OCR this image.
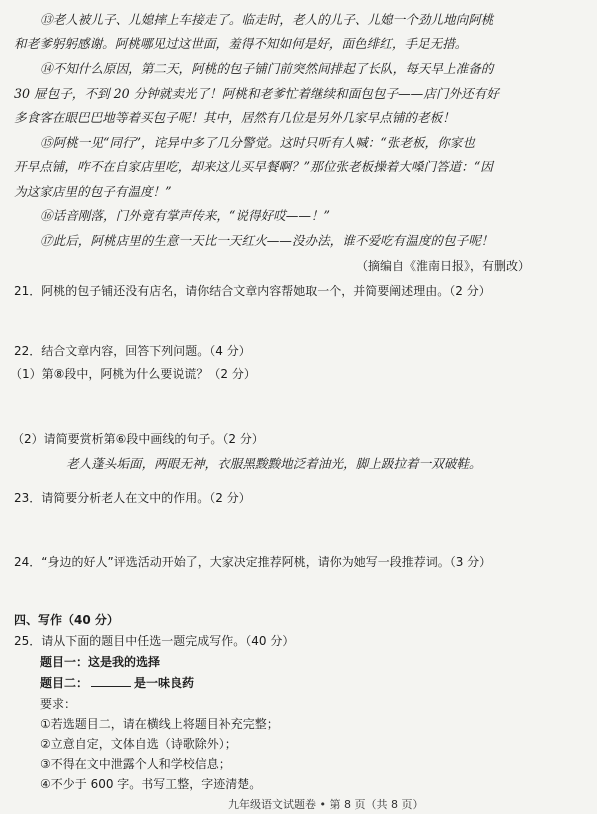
⑬老人被儿子、儿媳摔上车接走了。临走时，老人的儿子、儿媳一个劲儿地向阿桃
和老爹躬躬感谢。阿桃哪见过这世面，羞得不知如何是好，面色绯红，手足无措。
⑭不知什么原因，第二天，阿桃的包子铺门前突然间排起了长队，每天早上准备的
30 屉包子，不到 20 分钟就卖光了！阿桃和老爹忙着继续和面包包子——店门外还有好
多食客在眼巴巴地等着买包子呢！其中，居然有几位是另外几家早点铺的老板！
⑮阿桃一见“同行”，诧异中多了几分警觉。这时只听有人喊：“张老板，你家也
开早点铺，咋不在自家店里吃，却来这儿买早餐啊？”那位张老板操着大嗓门答道：“因
为这家店里的包子有温度！”
⑯话音刚落，门外竟有掌声传来，“说得好哎——！”
⑰此后，阿桃店里的生意一天比一天红火——没办法，谁不爱吃有温度的包子呢！
（摘编自《淮南日报》，有删改）
21．阿桃的包子铺还没有店名，请你结合文章内容帮她取一个，并简要阐述理由。（2 分）
22．结合文章内容，回答下列问题。（4 分）
（1）第⑧段中，阿桃为什么要说谎？（2 分）
（2）请简要赏析第⑥段中画线的句子。（2 分）
老人蓬头垢面，两眼无神，衣服黑黢黢地泛着油光，脚上趿拉着一双破鞋。
23．请简要分析老人在文中的作用。（2 分）
24．“身边的好人”评选活动开始了，大家决定推荐阿桃，请你为她写一段推荐词。（3 分）
四、写作（40 分）
25．请从下面的题目中任选一题完成写作。（40 分）
题目一：这是我的选择
题目二：	是一味良药
要求：
①若选题目二，请在横线上将题目补充完整；
②立意自定，文体自选（诗歌除外）；
③不得在文中泄露个人和学校信息；
九年级语文试题卷 • 第 8 页（共 8 页）
④不少于 600 字。书写工整，字迹清楚。
